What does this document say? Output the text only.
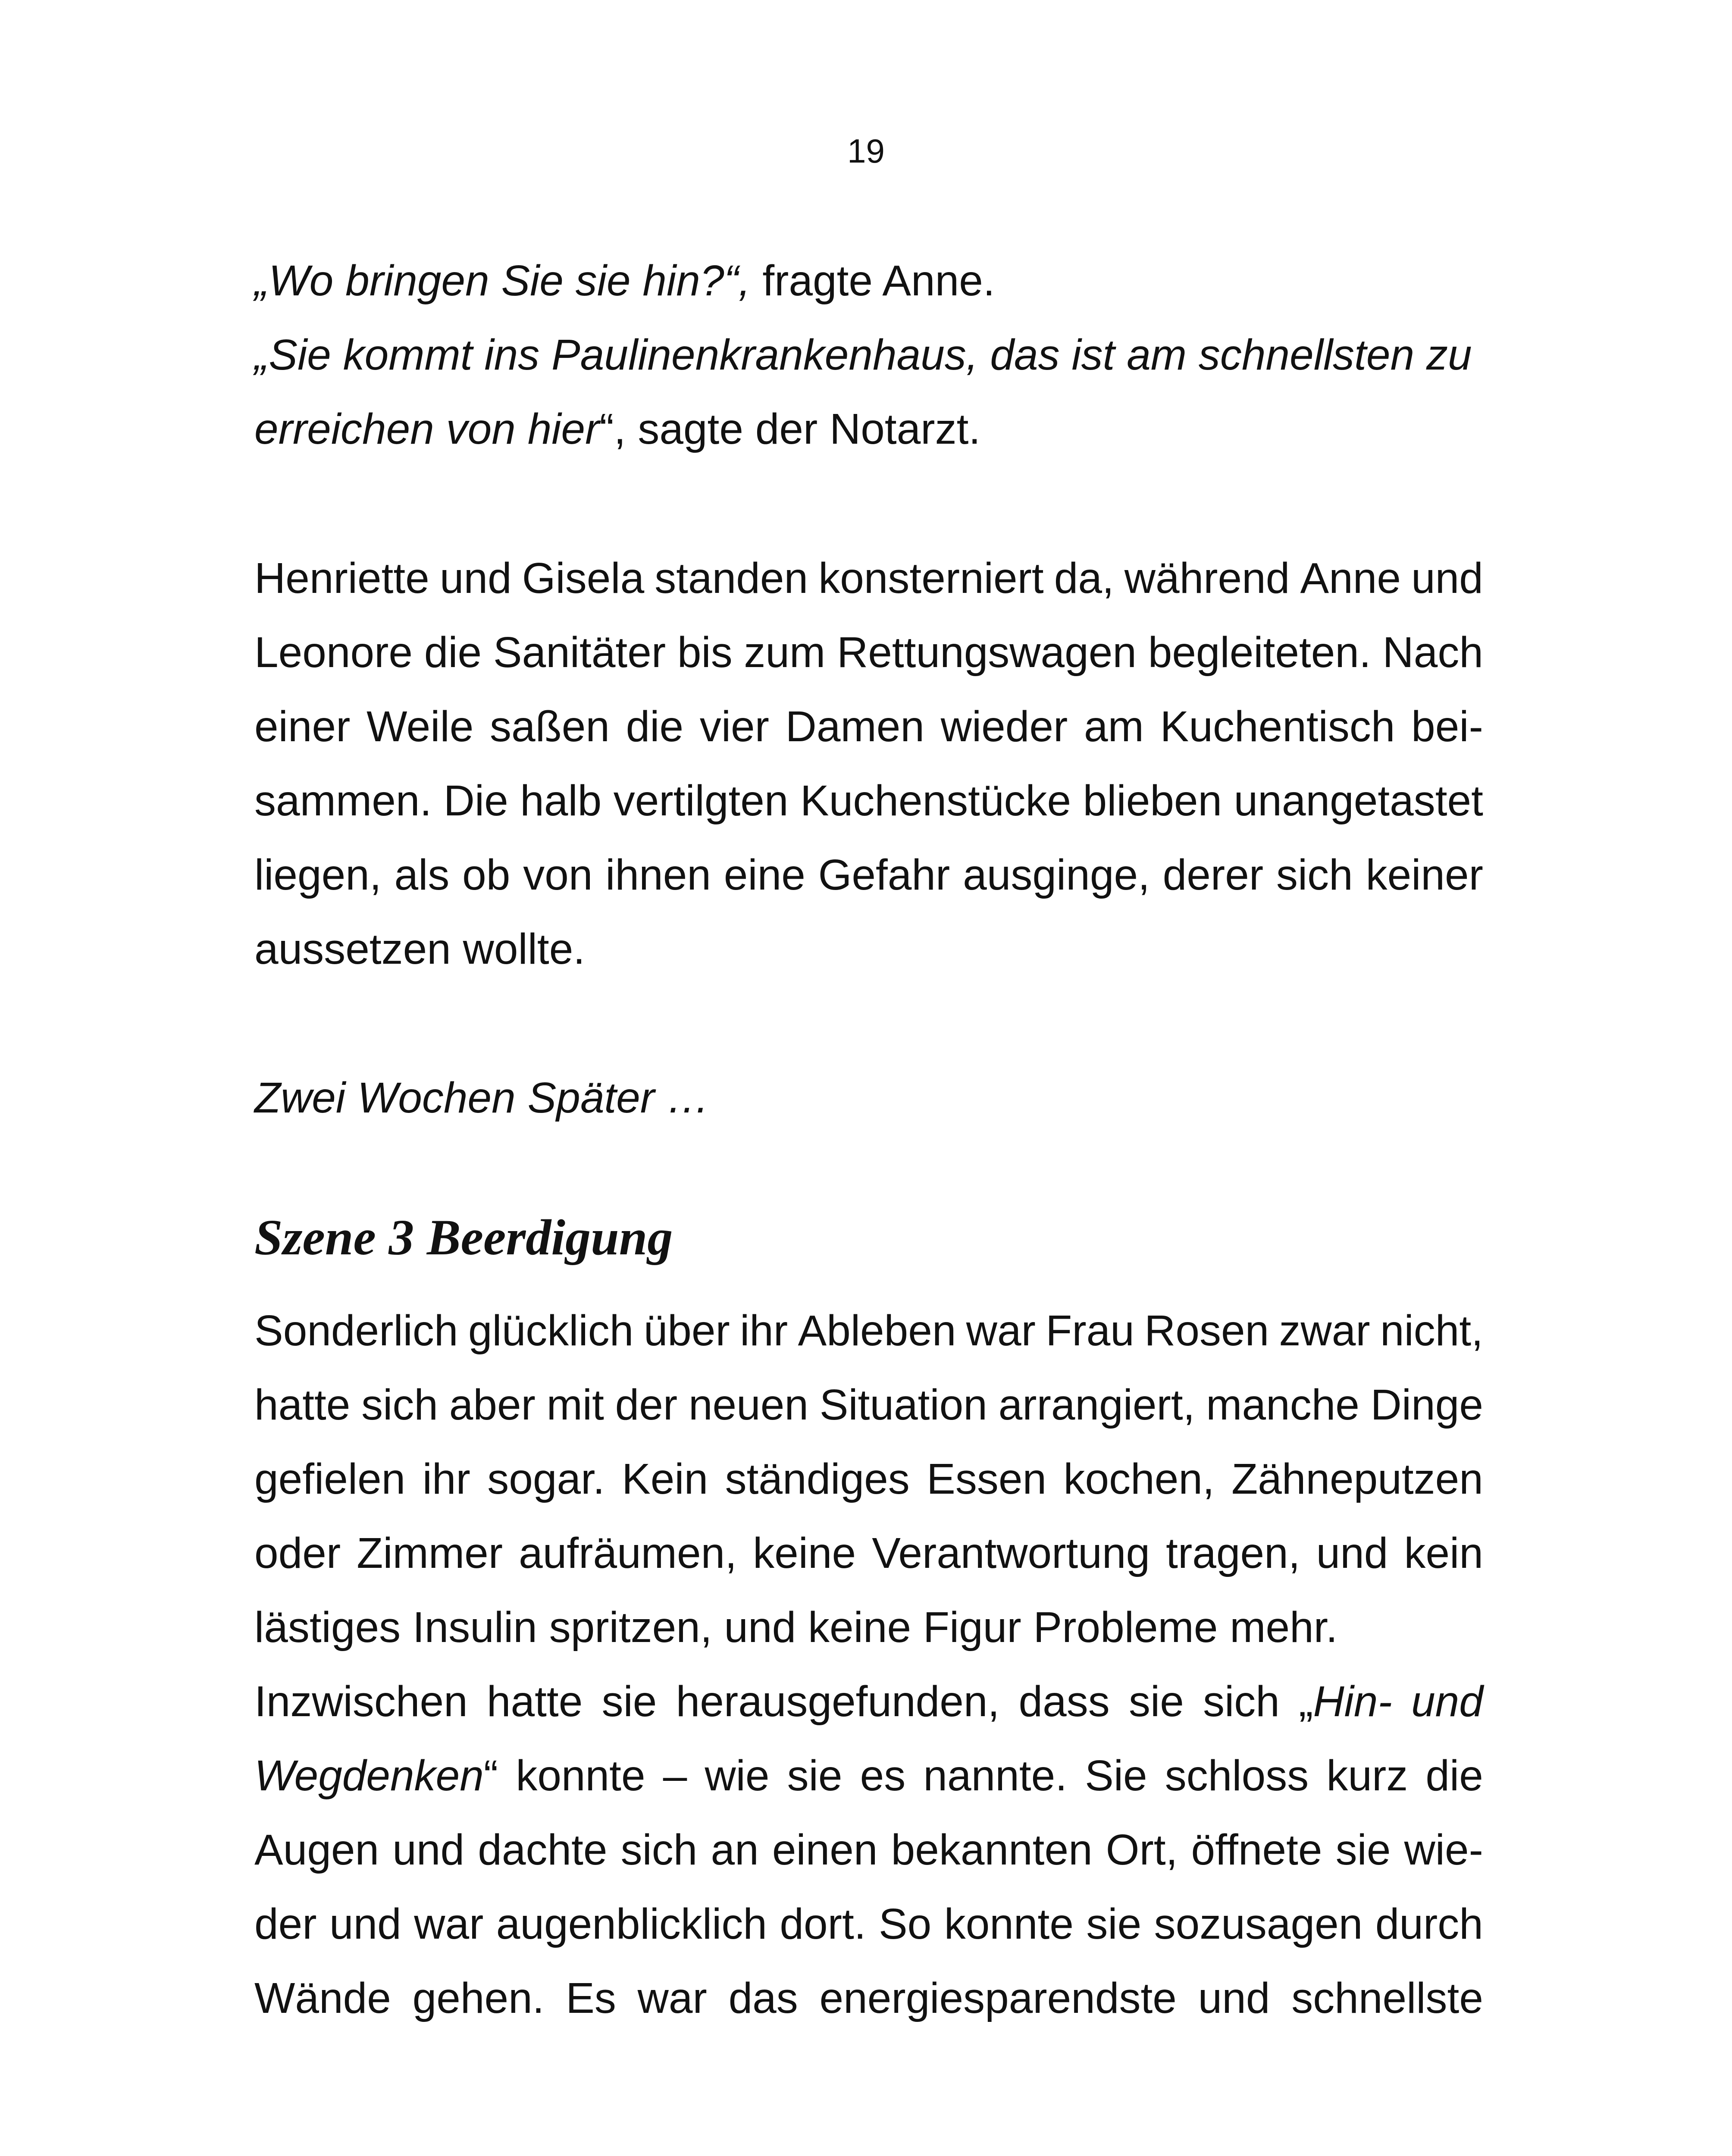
19

„Wo bringen Sie sie hin?“, fragte Anne.

„Sie kommt ins Paulinenkrankenhaus, das ist am schnellsten zu

erreichen von hier“, sagte der Notarzt.

Henriette und Gisela standen konsterniert da, während Anne und

Leonore die Sanitäter bis zum Rettungswagen begleiteten. Nach

einer Weile saßen die vier Damen wieder am Kuchentisch bei-

sammen. Die halb vertilgten Kuchenstücke blieben unangetastet

liegen, als ob von ihnen eine Gefahr ausginge, derer sich keiner

aussetzen wollte.

Zwei Wochen Später …

Szene 3 Beerdigung

Sonderlich glücklich über ihr Ableben war Frau Rosen zwar nicht,

hatte sich aber mit der neuen Situation arrangiert, manche Dinge

gefielen ihr sogar. Kein ständiges Essen kochen, Zähneputzen

oder Zimmer aufräumen, keine Verantwortung tragen, und kein

lästiges Insulin spritzen, und keine Figur Probleme mehr.

Inzwischen hatte sie herausgefunden, dass sie sich „Hin- und

Wegdenken“ konnte – wie sie es nannte. Sie schloss kurz die

Augen und dachte sich an einen bekannten Ort, öffnete sie wie-

der und war augenblicklich dort. So konnte sie sozusagen durch

Wände gehen. Es war das energiesparendste und schnellste
